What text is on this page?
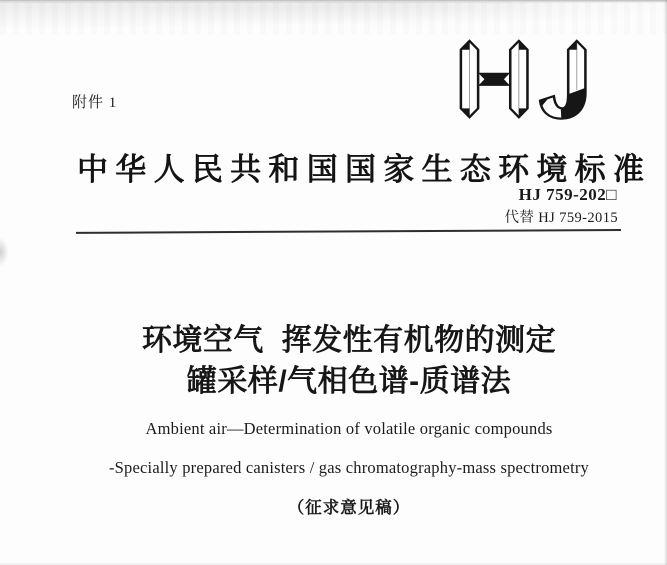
附件 1
中 华 人 民 共 和 国 国 家 生 态 环 境 标 准
HJ 759-202□
代替 HJ 759-2015
环境空气  挥发性有机物的测定
罐采样/气相色谱-质谱法
Ambient air—Determination of volatile organic compounds
-Specially prepared canisters / gas chromatography-mass spectrometry
（征求意见稿）
